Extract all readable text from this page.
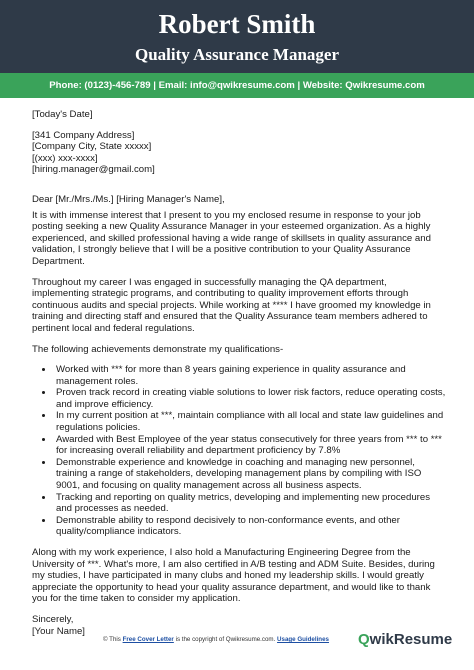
Robert Smith
Quality Assurance Manager
Phone: (0123)-456-789 | Email: info@qwikresume.com | Website: Qwikresume.com

[Today's Date]

[341 Company Address]
[Company City, State xxxxx]
[(xxx) xxx-xxxx]
[hiring.manager@gmail.com]

Dear [Mr./Mrs./Ms.] [Hiring Manager's Name],

It is with immense interest that I present to you my enclosed resume in response to your job posting seeking a new Quality Assurance Manager in your esteemed organization. As a highly experienced, and skilled professional having a wide range of skillsets in quality assurance and validation, I strongly believe that I will be a positive contribution to your Quality Assurance Department.

Throughout my career I was engaged in successfully managing the QA department, implementing strategic programs, and contributing to quality improvement efforts through continuous audits and special projects. While working at **** I have groomed my knowledge in training and directing staff and ensured that the Quality Assurance team members adhered to pertinent local and federal regulations.

The following achievements demonstrate my qualifications-

• Worked with *** for more than 8 years gaining experience in quality assurance and management roles.
• Proven track record in creating viable solutions to lower risk factors, reduce operating costs, and improve efficiency.
• In my current position at ***, maintain compliance with all local and state law guidelines and regulations policies.
• Awarded with Best Employee of the year status consecutively for three years from *** to *** for increasing overall reliability and department proficiency by 7.8%
• Demonstrable experience and knowledge in coaching and managing new personnel, training a range of stakeholders, developing management plans by compiling with ISO 9001, and focusing on quality management across all business aspects.
• Tracking and reporting on quality metrics, developing and implementing new procedures and processes as needed.
• Demonstrable ability to respond decisively to non-conformance events, and other quality/compliance indicators.

Along with my work experience, I also hold a Manufacturing Engineering Degree from the University of ***. What's more, I am also certified in A/B testing and ADM Suite. Besides, during my studies, I have participated in many clubs and honed my leadership skills. I would greatly appreciate the opportunity to head your quality assurance department, and would like to thank you for the time taken to consider my application.

Sincerely,

[Your Name]

© This Free Cover Letter is the copyright of Qwikresume.com. Usage Guidelines QwikResume
